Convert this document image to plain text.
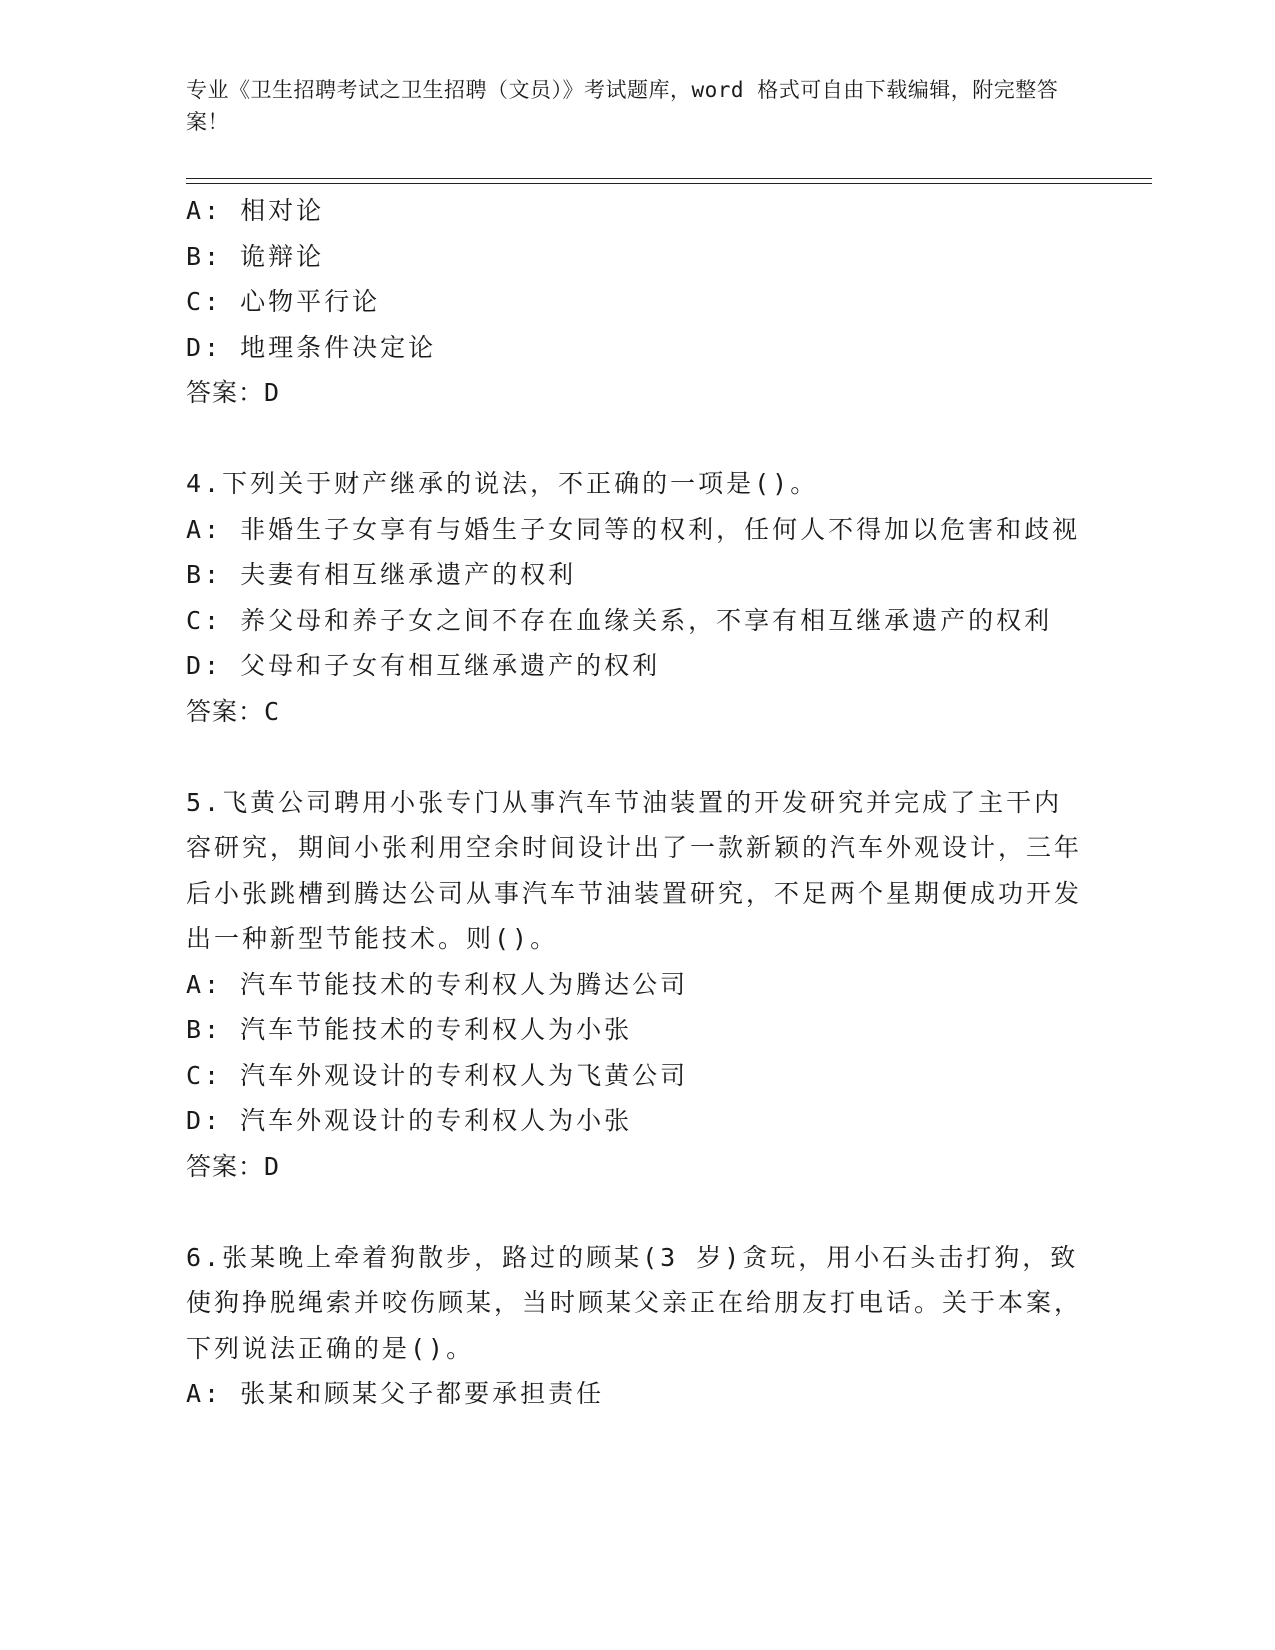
专业《卫生招聘考试之卫生招聘（文员）》考试题库，word 格式可自由下载编辑，附完整答案！
A: 相对论
B: 诡辩论
C: 心物平行论
D: 地理条件决定论
答案：D
4.下列关于财产继承的说法，不正确的一项是()。
A: 非婚生子女享有与婚生子女同等的权利，任何人不得加以危害和歧视
B: 夫妻有相互继承遗产的权利
C: 养父母和养子女之间不存在血缘关系，不享有相互继承遗产的权利
D: 父母和子女有相互继承遗产的权利
答案：C
5.飞黄公司聘用小张专门从事汽车节油装置的开发研究并完成了主干内容研究，期间小张利用空余时间设计出了一款新颖的汽车外观设计，三年后小张跳槽到腾达公司从事汽车节油装置研究，不足两个星期便成功开发出一种新型节能技术。则()。
A: 汽车节能技术的专利权人为腾达公司
B: 汽车节能技术的专利权人为小张
C: 汽车外观设计的专利权人为飞黄公司
D: 汽车外观设计的专利权人为小张
答案：D
6.张某晚上牵着狗散步，路过的顾某(3 岁)贪玩，用小石头击打狗，致使狗挣脱绳索并咬伤顾某，当时顾某父亲正在给朋友打电话。关于本案，下列说法正确的是()。
A: 张某和顾某父子都要承担责任
